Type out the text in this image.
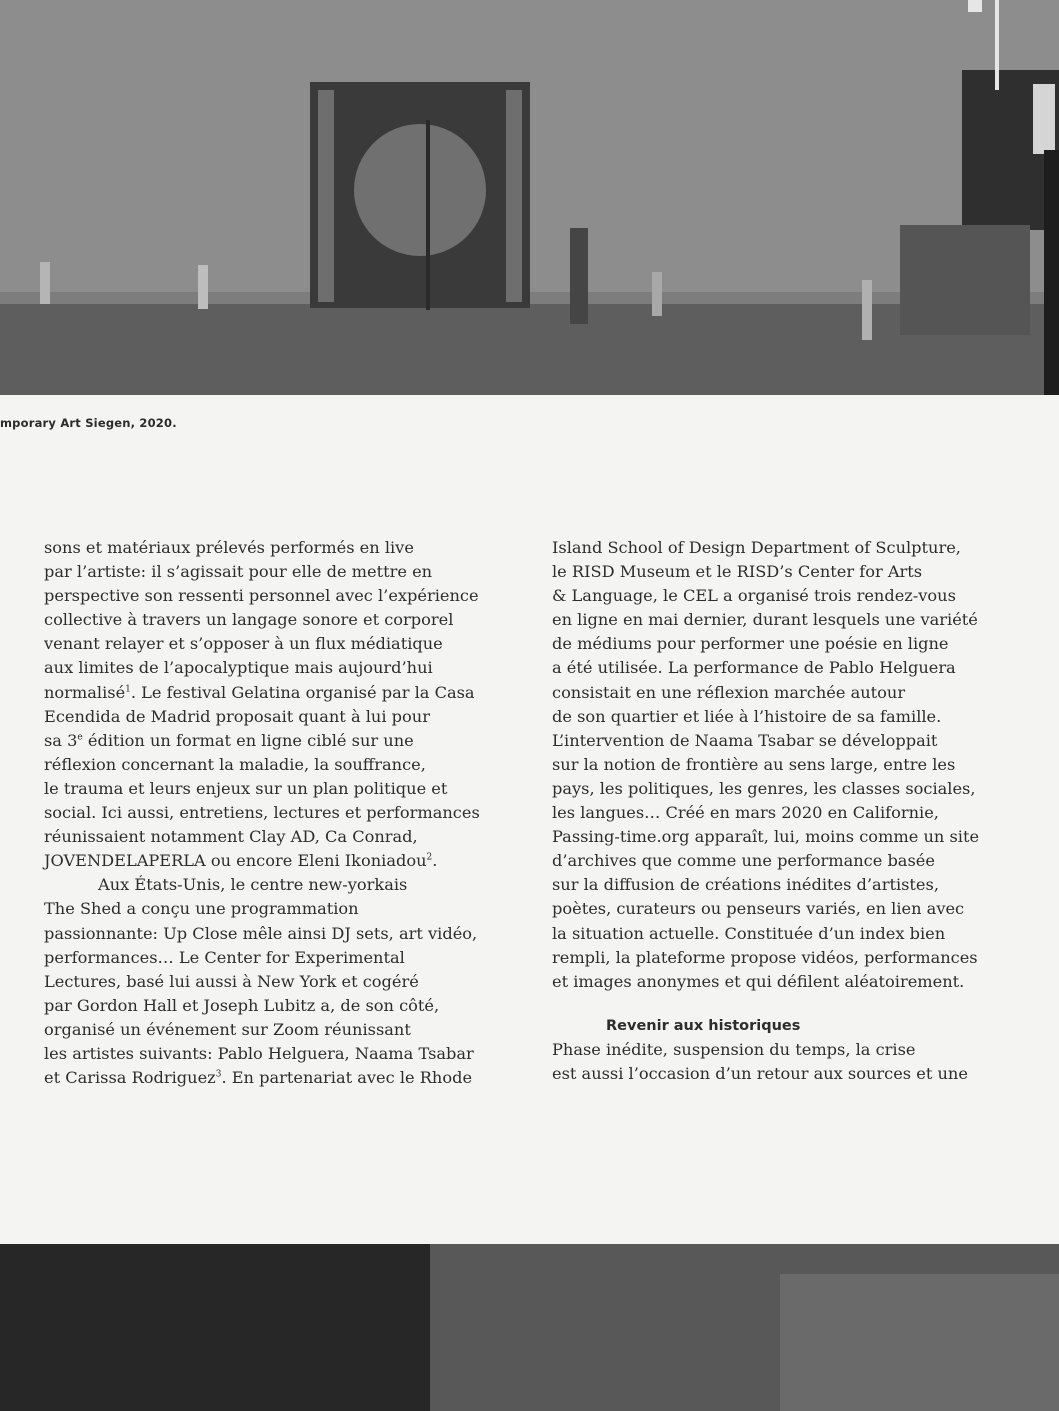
mporary Art Siegen, 2020.
sons et matériaux prélevés performés en live
par l’artiste: il s’agissait pour elle de mettre en
perspective son ressenti personnel avec l’expérience
collective à travers un langage sonore et corporel
venant relayer et s’opposer à un flux médiatique
aux limites de l’apocalyptique mais aujourd’hui
normalisé$^1$. Le festival Gelatina organisé par la Casa
Ecendida de Madrid proposait quant à lui pour
sa 3e édition un format en ligne ciblé sur une
réflexion concernant la maladie, la souffrance,
le trauma et leurs enjeux sur un plan politique et
social. Ici aussi, entretiens, lectures et performances
réunissaient notamment Clay AD, Ca Conrad,
JOVENDELAPERLA ou encore Eleni Ikoniadou$^2$.
Aux États-Unis, le centre new-yorkais
The Shed a conçu une programmation
passionnante: Up Close mêle ainsi DJ sets, art vidéo,
performances… Le Center for Experimental
Lectures, basé lui aussi à New York et cogéré
par Gordon Hall et Joseph Lubitz a, de son côté,
organisé un événement sur Zoom réunissant
les artistes suivants: Pablo Helguera, Naama Tsabar
et Carissa Rodriguez$^3$. En partenariat avec le Rhode
Island School of Design Department of Sculpture,
le RISD Museum et le RISD’s Center for Arts
& Language, le CEL a organisé trois rendez-vous
en ligne en mai dernier, durant lesquels une variété
de médiums pour performer une poésie en ligne
a été utilisée. La performance de Pablo Helguera
consistait en une réflexion marchée autour
de son quartier et liée à l’histoire de sa famille.
L’intervention de Naama Tsabar se développait
sur la notion de frontière au sens large, entre les
pays, les politiques, les genres, les classes sociales,
les langues… Créé en mars 2020 en Californie,
Passing-time.org apparaît, lui, moins comme un site
d’archives que comme une performance basée
sur la diffusion de créations inédites d’artistes,
poètes, curateurs ou penseurs variés, en lien avec
la situation actuelle. Constituée d’un index bien
rempli, la plateforme propose vidéos, performances
et images anonymes et qui défilent aléatoirement.
Revenir aux historiques
Phase inédite, suspension du temps, la crise
est aussi l’occasion d’un retour aux sources et une
